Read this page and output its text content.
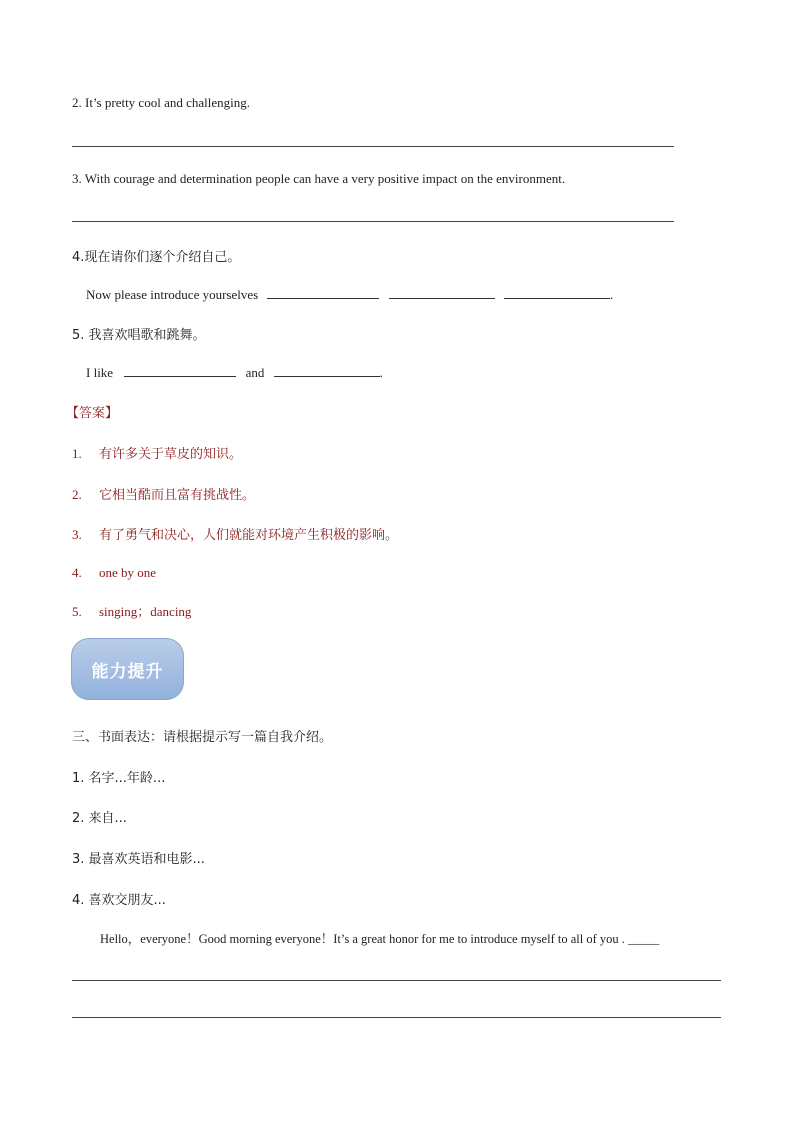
2. It’s pretty cool and challenging.
3. With courage and determination people can have a very positive impact on the environment.
4.现在请你们逐个介绍自己。
Now please introduce yourselves	.
5. 我喜欢唱歌和跳舞。
I like	and	.
【答案】
1. 有许多关于草皮的知识。
2. 它相当酷而且富有挑战性。
3. 有了勇气和决心，人们就能对环境产生积极的影响。
4. one by one
5. singing；dancing
能力提升
三、书面表达：请根据提示写一篇自我介绍。
1. 名字...年龄...
2. 来自...
3. 最喜欢英语和电影...
4. 喜欢交朋友...
Hello，everyone！Good morning everyone！It’s a great honor for me to introduce myself to all of you . _____
